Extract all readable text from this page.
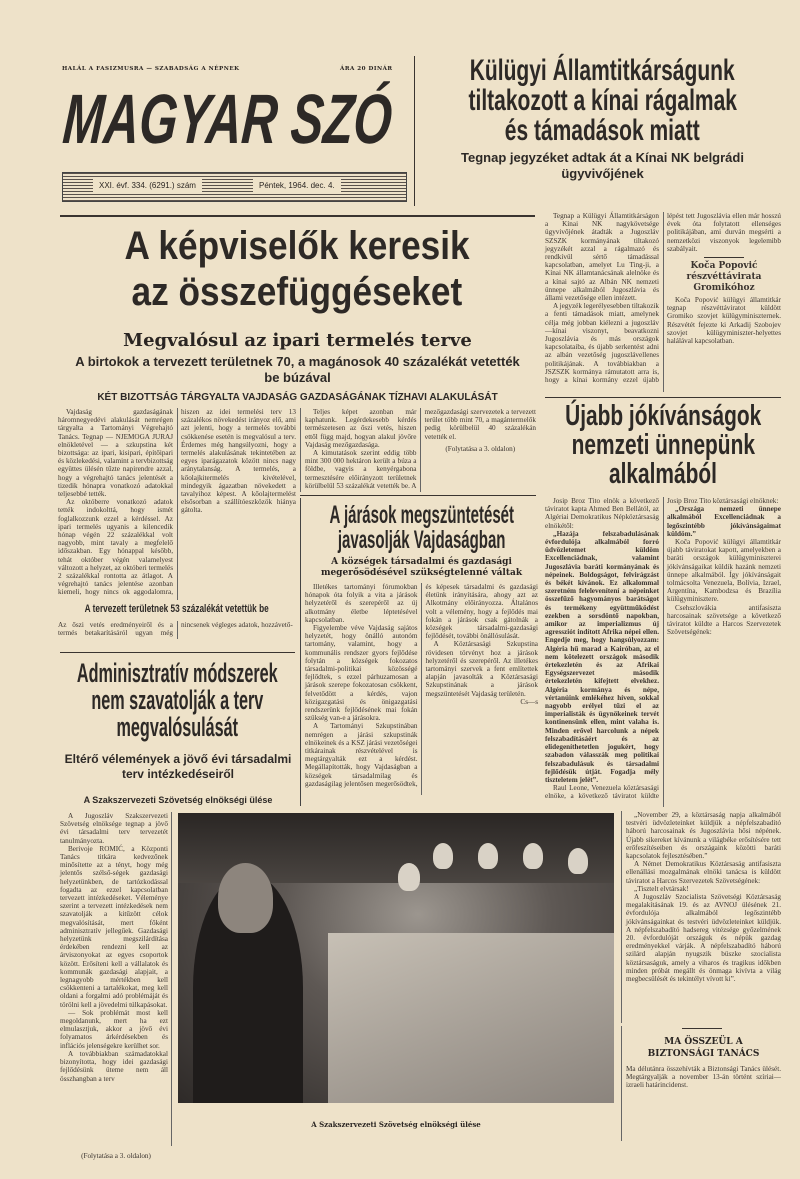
HALÁL A FASIZMUSRA — SZABADSÁG A NÉPNEK	ÁRA 20 DINÁR
MAGYAR SZÓ
XXI. évf. 334. (6291.) szám	Péntek, 1964. dec. 4.
Külügyi Államtitkárságunk
tiltakozott a kínai rágalmak
és támadások miatt
Tegnap jegyzéket adtak át a Kínai NK belgrádi ügyvivőjének

Tegnap a Külügyi Államtitkárságon a Kínai NK nagykövetsége ügyvivőjének átadták a Jugoszláv SZSZK kormányának tiltakozó jegyzékét azzal a rágalmazó és rendkívül sértő támadással kapcsolatban, amelyet Lu Ting-ji, a Kínai NK államtanácsának alelnöke és a kínai sajtó az Albán NK nemzeti ünnepe alkalmából Jugoszlávia és állami vezetősége ellen intézett.

A jegyzék legerélyesebben tiltakozik a fenti támadások miatt, amelynek célja még jobban kiélezni a jugoszláv—kínai viszonyt, beavatkozni Jugoszlávia és más országok kapcsolataiba, és újabb serkentést adni az albán vezetőség jugoszlávellenes politikájának. A továbbiakban a JSZSZK kormánya rámutatott arra is, hogy a kínai kormány ezzel újabb lépést tett Jugoszlávia ellen már hosszú évek óta folytatott ellenséges politikájában, ami durván megsérti a nemzetközi viszonyok legelemibb szabályait.

Koča Popović részvéttávirata Gromikóhoz

Koča Popović külügyi államtitkár tegnap részvéttáviratot küldött Gromiko szovjet külügyminiszternek. Részvétét fejezte ki Arkadij Szobojev szovjet külügyminiszter-helyettes halálával kapcsolatban.

A képviselők keresik
az összefüggéseket
Megvalósul az ipari termelés terve
A birtokok a tervezett területnek 70, a magánosok 40 százalékát vetették be búzával
KÉT BIZOTTSÁG TÁRGYALTA VAJDASÁG GAZDASÁGÁNAK TÍZHAVI ALAKULÁSÁT

Vajdaság gazdaságának háromnegyedévi alakulását nemrégen tárgyalta a Tartományi Végrehajtó Tanács. Tegnap — NJEMOGA JURAJ elnökletével — a szkupstina két bizottsága: az ipari, kisipari, építőipari és közlekedési, valamint a tervbizottság együttes ülésén tűzte napirendre azzal, hogy a végrehajtó tanács jelentését a tizedik hónapra vonatkozó adatokkal teljesebbé tették.

Az októberre vonatkozó adatok tették indokolttá, hogy ismét foglalkozzunk ezzel a kérdéssel. Az ipari termelés ugyanis a kilencedik hónap végén 22 százalékkal volt nagyobb, mint tavaly a megfelelő időszakban. Egy hónappal később, tehát október végén valamelyest változott a helyzet, az októberi termelés 2 százalékkal rontotta az átlagot. A végrehajtó tanács jelentése azonban kiemeli, hogy nincs ok aggodalomra, hiszen az idei termelési terv 13 százalékos növekedést irányoz elő, ami azt jelenti, hogy a termelés további csökkenése esetén is megvalósul a terv. Érdemes még hangsúlyozni, hogy a termelés alakulásának tekintetében az egyes iparágazatok között nincs nagy aránytalanság. A termelés, a kőolajkitermelés kivételével, mindegyik ágazatban növekedett a tavalyihoz képest. A kőolajtermelést elsősorban a szállítóeszközök hiánya gátolta.

Teljes képet azonban már kaphatunk. Legérdekesebb kérdés természetesen az őszi vetés, hiszen ettől függ majd, hogyan alakul jövőre Vajdaság mezőgazdasága.

A kimutatások szerint eddig több mint 300 000 hektáron került a búza a földbe, vagyis a kenyérgabona termesztésére előirányzott területnek körülbelül 53 százalékát vetették be. A mezőgazdasági szervezetek a tervezett terület több mint 70, a magántermelők pedig körülbelül 40 százalékán vetették el.

(Folytatása a 3. oldalon)

A járások megszüntetését
javasolják Vajdaságban
A községek társadalmi és gazdasági megerősödésével szükségtelenné váltak

Illetékes tartományi fórumokban hónapok óta folyik a vita a járások helyzetéről és szerepéről az új alkotmány életbe léptetésével kapcsolatban.

Figyelembe véve Vajdaság sajátos helyzetét, hogy önálló autonóm tartomány, valamint, hogy a kommunális rendszer gyors fejlődése folytán a községek fokozatos társadalmi-politikai közösségé fejlődtek, s ezzel párhuzamosan a járások szerepe fokozatosan csökkent, felvetődött a kérdés, vajon közigazgatási és önigazgatási rendszerünk fejlődésének mai fokán szükség van-e a járásokra.

A Tartományi Szkupstinában nemrégen a járási szkupstinák elnökeinek és a KSZ járási vezetőségei titkárainak részvételével is megtárgyalták ezt a kérdést. Megállapították, hogy Vajdaságban a községek társadalmilag és gazdaságilag jelentősen megerősödtek, és képesek társadalmi és gazdasági életünk irányítására, ahogy azt az Alkotmány előirányozza. Általános volt a vélemény, hogy a fejlődés mai fokán a járások csak gátolnák a községek társadalmi-gazdasági fejlődését, további önállósulását.

A Köztársasági Szkupstina rövidesen törvényt hoz a járások helyzetéről és szerepéről. Az illetékes tartományi szervek a fent említettek alapján javasolták a Köztársasági Szkupstinának a járások megszüntetését Vajdaság területén.

Cs—s

A tervezett területnek 53 százalékát vetettük be
Az őszi vetés eredményeiről és a termés betakarításáról ugyan még nincsenek végleges adatok, hozzávető-
Adminisztratív módszerek
nem szavatolják a terv
megvalósulását
Eltérő vélemények a jövő évi társadalmi terv intézkedéseiről
A Szakszervezeti Szövetség elnökségi ülése

A Jugoszláv Szakszervezeti Szövetség elnöksége tegnap a jövő évi társadalmi terv tervezetét tanulmányozta.

Berivoje ROMIĆ, a Központi Tanács titkára kedvezőnek minősítette az a tényt, hogy még jelentős szélső-ségek gazdasági helyzetünkben, de tartózkodással fogadta az ezzel kapcsolatban tervezett intézkedéseket. Véleménye szerint a tervezett intézkedések nem szavatolják a kitűzött célok megvalósítását, mert főként adminisztratív jellegűek. Gazdasági helyzetünk megszilárdítása érdekében rendezni kell az árviszonyokat az egyes csoportok között. Erősíteni kell a vállalatok és kommunák gazdasági alapjait, a legnagyobb mértékben kell csökkenteni a tartalékokat, meg kell oldani a forgalmi adó problémáját és törölni kell a jövedelmi túlkapásokat.

— Sok problémát most kell megoldanunk, mert ha ezt elmulasztjuk, akkor a jövő évi folyamatos árkérdésekben és inflációs jelenségekre kerülhet sor.

A továbbiakban számadatokkal bizonyította, hogy idei gazdasági fejlődésünk üteme nem áll összhangban a terv

(Folytatása a 3. oldalon)
A Szakszervezeti Szövetség elnökségi ülése
Újabb jókívánságok
nemzeti ünnepünk
alkalmából

Josip Broz Tito elnök a következő táviratot kapta Ahmed Ben Bellától, az Algériai Demokratikus Népköztársaság elnökétől:

„Hazája felszabadulásának évfordulója alkalmából forró üdvözletemet küldöm Excellenciádnak, valamint Jugoszlávia baráti kormányának és népeinek. Boldogságot, felvirágzást és békét kívánok. Ez alkalommal szeretném felelevenítení a népeinket összefűző hagyományos barátságot és termékeny együttműködést ezekben a sorsdöntő napokban, amikor az imperializmus új agressziót indított Afrika népei ellen. Engedje meg, hogy hangsúlyozzam: Algéria hű marad a Kairóban, az el nem kötelezett országok második értekezletén és az Afrikai Egységszervezet második értekezletén kifejtett elvekhez. Algéria kormánya és népe, vértanúink emlékéhez híven, sokkal nagyobb erélyel tűzi el az imperialisták és ügynökeinek tervét kontinensünk ellen, mint valaha is. Minden erővel harcolunk a népek felszabadításáért és az elidegeníthetetlen jogukért, hogy szabadon válasszák meg politikai felszabadulásuk és társadalmi fejlődésük útját. Fogadja mély tiszteletem jelét”.

Raul Leone, Venezuela köztársasági elnöke, a következő táviratot küldte Josip Broz Tito köztársasági elnöknek:

„Országa nemzeti ünnepe alkalmából Excellenciádnak a legőszintébb jókívánságaimat küldöm.”

Koča Popović külügyi államtitkár újabb táviratokat kapott, amelyekben a baráti országok külügyminiszterei jókívánságaikat küldik hazánk nemzeti ünnepe alkalmából. Így jókívánságait tolmácsolta Venezuela, Bolívia, Izrael, Argentína, Kambodzsa és Brazília külügyminisztere.

Csehszlovákia antifasiszta harcosainak szövetsége a következő táviratot küldte a Harcos Szervezetek Szövetségének:

„November 29, a köztársaság napja alkalmából testvéri üdvözleteinket küldjük a népfelszabadító háború harcosainak és Jugoszlávia hősi népének. Újabb sikereket kívánunk a világbéke erősítésére tett erőfeszítéseiben és országaink közötti baráti kapcsolatok fejlesztésében.”

A Német Demokratikus Köztársaság antifasiszta ellenállási mozgalmának elnöki tanácsa is küldött táviratot a Harcos Szervezetek Szövetségének:

„Tisztelt elvtársak!

A Jugoszláv Szocialista Szövetségi Köztársaság megalakításának 19. és az AVNOJ ülésének 21. évfordulója alkalmából legőszintébb jókívánságainkat és testvéri üdvözleteinket küldjük. A népfelszabadító hadsereg vitézsége győzelmének 20. évfordulóját országuk és népük gazdag eredményekkel várják. A népfelszabadító háború szilárd alapján nyugszik büszke szocialista köztársaságuk, amely a viharos és tragikus időkben minden próbát megállt és önmaga kivívta a világ megbecsülését és tekintélyt vívott ki”.

MA ÖSSZEÜL A BIZTONSÁGI TANÁCS
Ma délutánra összehívták a Biztonsági Tanács ülését. Megtárgyalják a november 13-án történt szíriai—izraeli határincidenst.
